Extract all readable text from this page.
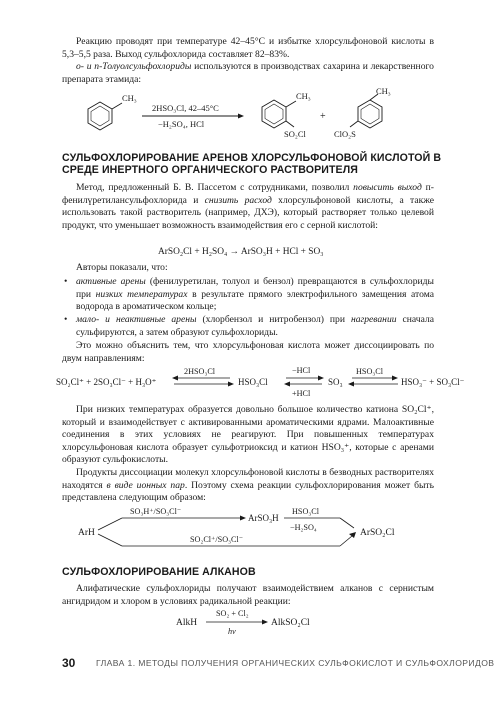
Реакцию проводят при температуре 42–45°С и избытке хлорсульфоновой кислоты в 5,3–5,5 раза. Выход сульфохлорида составляет 82–83%.
о- и п-Толуолсульфохлориды используются в производствах сахарина и лекарственного препарата этамида:
CH₃
2HSO₃Cl, 42–45°C
−H₂SO₄, HCl
CH₃
SO₂Cl
+
CH₃
ClO₂S
СУЛЬФОХЛОРИРОВАНИЕ АРЕНОВ ХЛОРСУЛЬФОНОВОЙ КИСЛОТОЙ В СРЕДЕ ИНЕРТНОГО ОРГАНИЧЕСКОГО РАСТВОРИТЕЛЯ
Метод, предложенный Б. В. Пассетом с сотрудниками, позволил повысить выход п-фенилүретиланcульфохлорида и снизить расход хлорсульфоновой кислоты, а также использовать такой растворитель (например, ДХЭ), который растворяет только целевой продукт, что уменьшает возможность взаимодействия его с серной кислотой:
ArSO₂Cl + H₂SO₄ → ArSO₃H + HCl + SO₃
Авторы показали, что:
• активные арены (фенилуретилан, толуол и бензол) превращаются в сульфохлориды при низких температурах в результате прямого электрофильного замещения атома водорода в ароматическом кольце;
• мало- и неактивные арены (хлорбензол и нитробензол) при нагревании сначала сульфируются, а затем образуют сульфохлориды.
Это можно объяснить тем, что хлорсульфоновая кислота может диссоциировать по двум направлениям:
SO₂Cl⁺ + 2SO₃Cl⁻ + H₃O⁺
2HSO₃Cl
HSO₃Cl
−HCl
+HCl
SO₃
HSO₃Cl
HSO₃⁻ + SO₃Cl⁻
При низких температурах образуется довольно большое количество катиона SO₂Cl⁺, который и взаимодействует с активированными ароматическими ядрами. Малоактивные соединения в этих условиях не реагируют. При повышенных температурах хлорсульфоновая кислота образует сульфотриоксид и катион HSO₃⁺, которые с аренами образуют сульфокислоты.
Продукты диссоциации молекул хлорсульфоновой кислоты в безводных растворителях находятся в виде ионных пар. Поэтому схема реакции сульфохлорирования может быть представлена следующим образом:
ArH
SO₃H⁺/SO₃Cl⁻
ArSO₃H
HSO₃Cl
−H₂SO₄
SO₂Cl⁺/SO₃Cl⁻
ArSO₂Cl
СУЛЬФОХЛОРИРОВАНИЕ АЛКАНОВ
Алифатические сульфохлориды получают взаимодействием алканов с сернистым ангидридом и хлором в условиях радикальной реакции:
AlkH
SO₂ + Cl₂
hν
AlkSO₂Cl
30 ГЛАВА 1. МЕТОДЫ ПОЛУЧЕНИЯ ОРГАНИЧЕСКИХ СУЛЬФОКИСЛОТ И СУЛЬФОХЛОРИДОВ
